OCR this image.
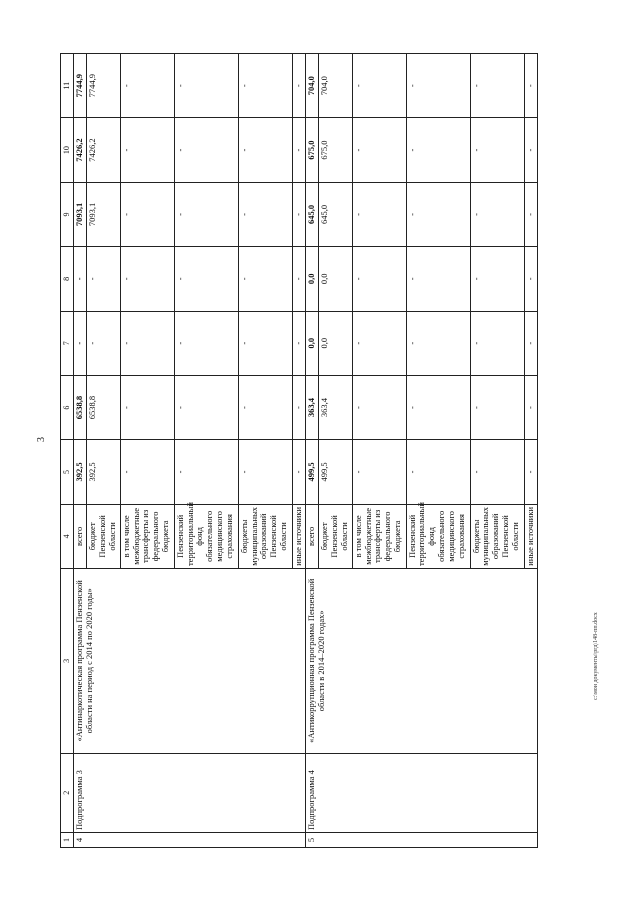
3
1	2	3	4	5	6	7	8	9	10	11
4	Подпрограмма 3	«Антинаркотическая программа Пензенской области на период с 2014 по 2020 годы»	всего	392,5	6538,8	-	-	7093,1	7426,2	7744,9
			бюджет Пензенской области	392,5	6538,8	-	-	7093,1	7426,2	7744,9
			в том числе межбюджетные трансферты из федерального бюджета	-	-	-	-	-	-	-
			Пензенский территориальный фонд обязательного медицинского страхования	-	-	-	-	-	-	-
			бюджеты муниципальных образований Пензенской области	-	-	-	-	-	-	-
			иные источники	-	-	-	-	-	-	-
5	Подпрограмма 4	«Антикоррупционная программа Пензенской области в 2014–2020 годах»	всего	499,5	363,4	0,0	0,0	645,0	675,0	704,0
			бюджет Пензенской области	499,5	363,4	0,0	0,0	645,0	675,0	704,0
			в том числе межбюджетные трансферты из федерального бюджета	-	-	-	-	-	-	-
			Пензенский территориальный фонд обязательного медицинского страхования	-	-	-	-	-	-	-
			бюджеты муниципальных образований Пензенской области	-	-	-	-	-	-	-
			иные источники	-	-	-	-	-	-	-
c:\мои документы\ргд\148-пп.docx
